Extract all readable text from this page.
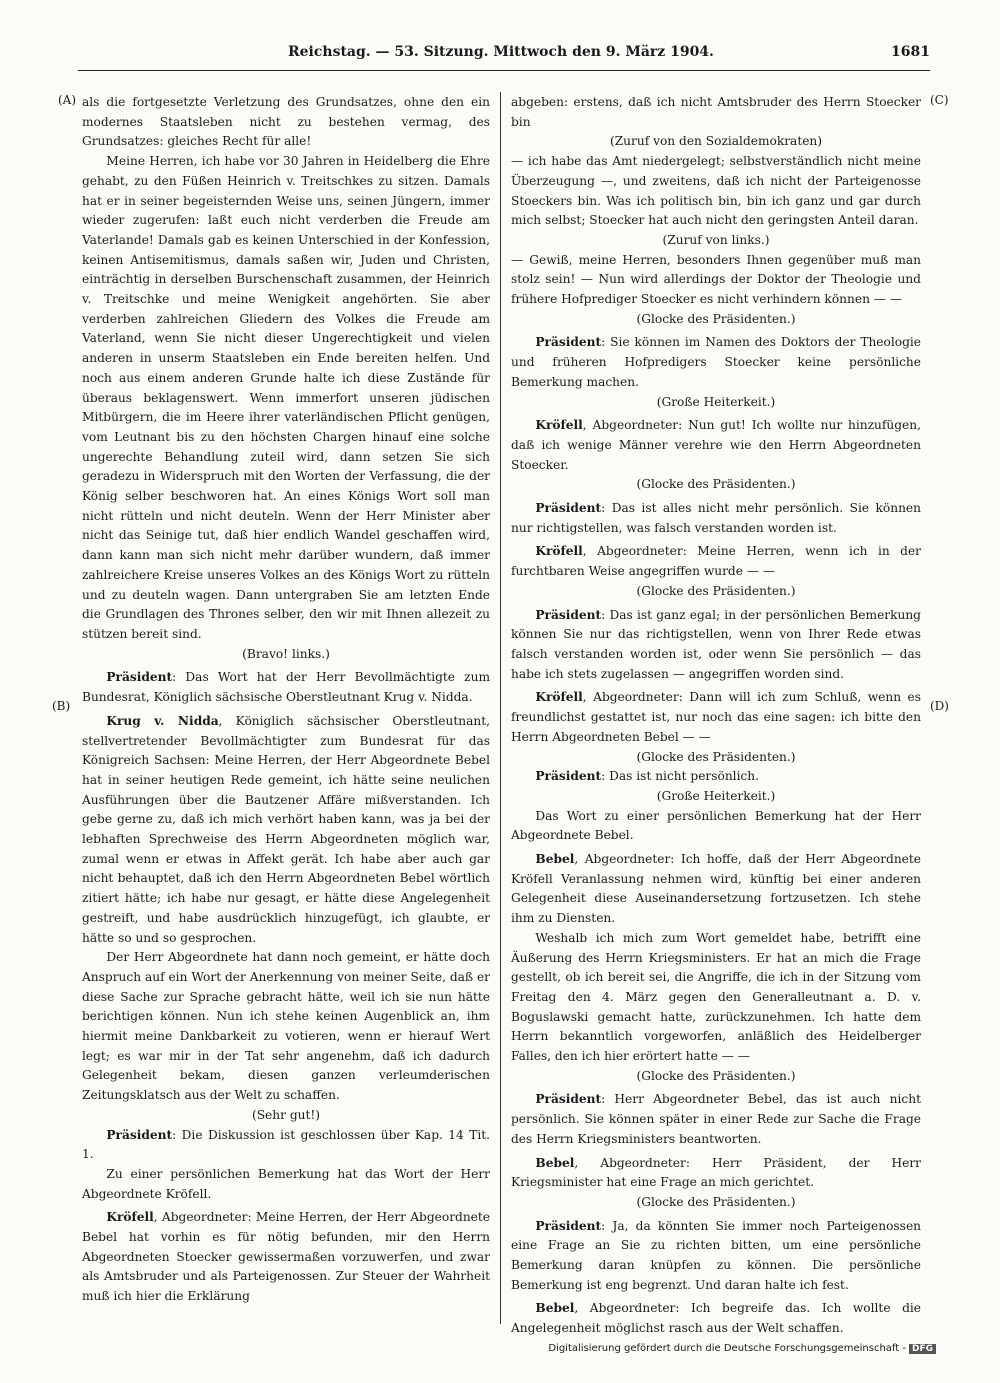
Reichstag. — 53. Sitzung. Mittwoch den 9. März 1904.	1681
(A)
(B)
(C)
(D)

als die fortgesetzte Verletzung des Grundsatzes, ohne den ein modernes Staatsleben nicht zu bestehen vermag, des Grundsatzes: gleiches Recht für alle!

Meine Herren, ich habe vor 30 Jahren in Heidelberg die Ehre gehabt, zu den Füßen Heinrich v. Treitschkes zu sitzen. Damals hat er in seiner begeisternden Weise uns, seinen Jüngern, immer wieder zugerufen: laßt euch nicht verderben die Freude am Vaterlande! Damals gab es keinen Unterschied in der Konfession, keinen Antisemitismus, damals saßen wir, Juden und Christen, einträchtig in derselben Burschenschaft zusammen, der Heinrich v. Treitschke und meine Wenigkeit angehörten. Sie aber verderben zahlreichen Gliedern des Volkes die Freude am Vaterland, wenn Sie nicht dieser Ungerechtigkeit und vielen anderen in unserm Staatsleben ein Ende bereiten helfen. Und noch aus einem anderen Grunde halte ich diese Zustände für überaus beklagenswert. Wenn immerfort unseren jüdischen Mitbürgern, die im Heere ihrer vaterländischen Pflicht genügen, vom Leutnant bis zu den höchsten Chargen hinauf eine solche ungerechte Behandlung zuteil wird, dann setzen Sie sich geradezu in Widerspruch mit den Worten der Verfassung, die der König selber beschworen hat. An eines Königs Wort soll man nicht rütteln und nicht deuteln. Wenn der Herr Minister aber nicht das Seinige tut, daß hier endlich Wandel geschaffen wird, dann kann man sich nicht mehr darüber wundern, daß immer zahlreichere Kreise unseres Volkes an des Königs Wort zu rütteln und zu deuteln wagen. Dann untergraben Sie am letzten Ende die Grundlagen des Thrones selber, den wir mit Ihnen allezeit zu stützen bereit sind.

(Bravo! links.)

Präsident: Das Wort hat der Herr Bevollmächtigte zum Bundesrat, Königlich sächsische Oberstleutnant Krug v. Nidda.

Krug v. Nidda, Königlich sächsischer Oberstleutnant, stellvertretender Bevollmächtigter zum Bundesrat für das Königreich Sachsen: Meine Herren, der Herr Abgeordnete Bebel hat in seiner heutigen Rede gemeint, ich hätte seine neulichen Ausführungen über die Bautzener Affäre mißverstanden. Ich gebe gerne zu, daß ich mich verhört haben kann, was ja bei der lebhaften Sprechweise des Herrn Abgeordneten möglich war, zumal wenn er etwas in Affekt gerät. Ich habe aber auch gar nicht behauptet, daß ich den Herrn Abgeordneten Bebel wörtlich zitiert hätte; ich habe nur gesagt, er hätte diese Angelegenheit gestreift, und habe ausdrücklich hinzugefügt, ich glaubte, er hätte so und so gesprochen.

Der Herr Abgeordnete hat dann noch gemeint, er hätte doch Anspruch auf ein Wort der Anerkennung von meiner Seite, daß er diese Sache zur Sprache gebracht hätte, weil ich sie nun hätte berichtigen können. Nun ich stehe keinen Augenblick an, ihm hiermit meine Dankbarkeit zu votieren, wenn er hierauf Wert legt; es war mir in der Tat sehr angenehm, daß ich dadurch Gelegenheit bekam, diesen ganzen verleumderischen Zeitungsklatsch aus der Welt zu schaffen.

(Sehr gut!)

Präsident: Die Diskussion ist geschlossen über Kap. 14 Tit. 1.

Zu einer persönlichen Bemerkung hat das Wort der Herr Abgeordnete Kröfell.

Kröfell, Abgeordneter: Meine Herren, der Herr Abgeordnete Bebel hat vorhin es für nötig befunden, mir den Herrn Abgeordneten Stoecker gewissermaßen vorzuwerfen, und zwar als Amtsbruder und als Parteigenossen. Zur Steuer der Wahrheit muß ich hier die Erklärung

abgeben: erstens, daß ich nicht Amtsbruder des Herrn Stoecker bin

(Zuruf von den Sozialdemokraten)

— ich habe das Amt niedergelegt; selbstverständlich nicht meine Überzeugung —, und zweitens, daß ich nicht der Parteigenosse Stoeckers bin. Was ich politisch bin, bin ich ganz und gar durch mich selbst; Stoecker hat auch nicht den geringsten Anteil daran.

(Zuruf von links.)

— Gewiß, meine Herren, besonders Ihnen gegenüber muß man stolz sein! — Nun wird allerdings der Doktor der Theologie und frühere Hofprediger Stoecker es nicht verhindern können — —

(Glocke des Präsidenten.)

Präsident: Sie können im Namen des Doktors der Theologie und früheren Hofpredigers Stoecker keine persönliche Bemerkung machen.

(Große Heiterkeit.)

Kröfell, Abgeordneter: Nun gut! Ich wollte nur hinzufügen, daß ich wenige Männer verehre wie den Herrn Abgeordneten Stoecker.

(Glocke des Präsidenten.)

Präsident: Das ist alles nicht mehr persönlich. Sie können nur richtigstellen, was falsch verstanden worden ist.

Kröfell, Abgeordneter: Meine Herren, wenn ich in der furchtbaren Weise angegriffen wurde — —

(Glocke des Präsidenten.)

Präsident: Das ist ganz egal; in der persönlichen Bemerkung können Sie nur das richtigstellen, wenn von Ihrer Rede etwas falsch verstanden worden ist, oder wenn Sie persönlich — das habe ich stets zugelassen — angegriffen worden sind.

Kröfell, Abgeordneter: Dann will ich zum Schluß, wenn es freundlichst gestattet ist, nur noch das eine sagen: ich bitte den Herrn Abgeordneten Bebel — —

(Glocke des Präsidenten.)

Präsident: Das ist nicht persönlich.

(Große Heiterkeit.)

Das Wort zu einer persönlichen Bemerkung hat der Herr Abgeordnete Bebel.

Bebel, Abgeordneter: Ich hoffe, daß der Herr Abgeordnete Kröfell Veranlassung nehmen wird, künftig bei einer anderen Gelegenheit diese Auseinandersetzung fortzusetzen. Ich stehe ihm zu Diensten.

Weshalb ich mich zum Wort gemeldet habe, betrifft eine Äußerung des Herrn Kriegsministers. Er hat an mich die Frage gestellt, ob ich bereit sei, die Angriffe, die ich in der Sitzung vom Freitag den 4. März gegen den Generalleutnant a. D. v. Boguslawski gemacht hatte, zurückzunehmen. Ich hatte dem Herrn bekanntlich vorgeworfen, anläßlich des Heidelberger Falles, den ich hier erörtert hatte — —

(Glocke des Präsidenten.)

Präsident: Herr Abgeordneter Bebel, das ist auch nicht persönlich. Sie können später in einer Rede zur Sache die Frage des Herrn Kriegsministers beantworten.

Bebel, Abgeordneter: Herr Präsident, der Herr Kriegsminister hat eine Frage an mich gerichtet.

(Glocke des Präsidenten.)

Präsident: Ja, da könnten Sie immer noch Parteigenossen eine Frage an Sie zu richten bitten, um eine persönliche Bemerkung daran knüpfen zu können. Die persönliche Bemerkung ist eng begrenzt. Und daran halte ich fest.

Bebel, Abgeordneter: Ich begreife das. Ich wollte die Angelegenheit möglichst rasch aus der Welt schaffen.

Digitalisierung gefördert durch die Deutsche Forschungsgemeinschaft - DFG
